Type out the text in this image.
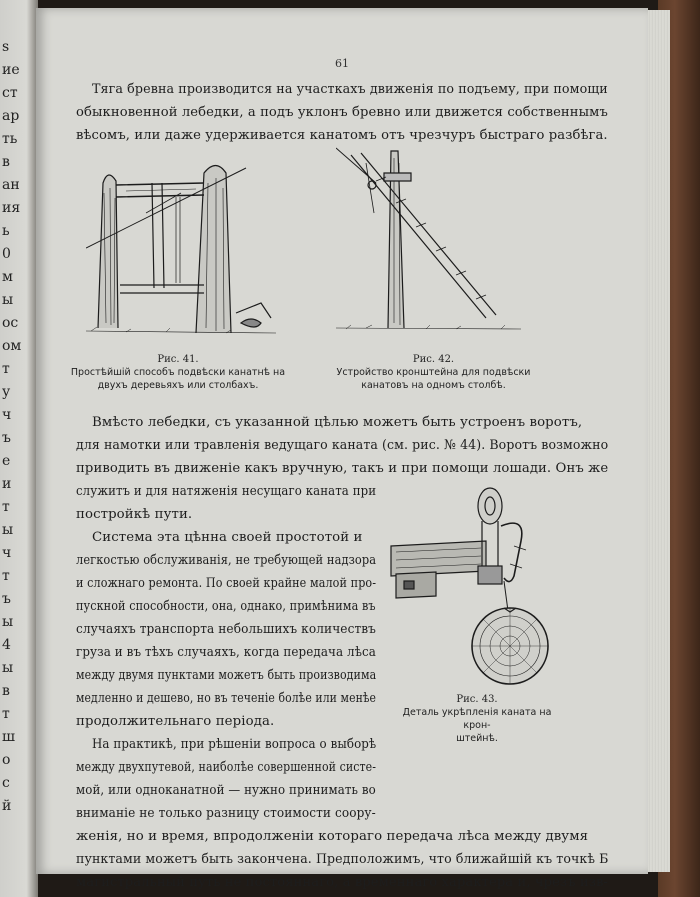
s
ие
ст
ар
ть
в
ан
ия
ь
0
м
ы
ос
ом
т
у
ч
ъ
е
и
т
ы
ч
т
ъ
ы
4
ы
в
т
ш
о
с
й
61
Тяга бревна производится на участкахъ движенія по подъему, при помощи
обыкновенной лебедки, а подъ уклонъ бревно или движется собственнымъ
вѣсомъ, или даже удерживается канатомъ отъ чрезчуръ быстраго разбѣга.
Рис. 41.
Простѣйшій способъ подвѣски канатнѣ на
двухъ деревьяхъ или столбахъ.
Рис. 42.
Устройство кронштейна для подвѣски
канатовъ на одномъ столбѣ.
Вмѣсто лебедки, съ указанной цѣлью можетъ быть устроенъ воротъ,
для намотки или травленія ведущаго каната (см. рис. № 44). Воротъ возможно
приводить въ движеніе какъ вручную, такъ и при помощи лошади. Онъ же
служитъ и для натяженія несущаго каната при
постройкѣ пути.
Система эта цѣнна своей простотой и
легкостью обслуживанія, не требующей надзора
и сложнаго ремонта. По своей крайне малой про-
пускной способности, она, однако, примѣнима въ
случаяхъ транспорта небольшихъ количествъ
груза и въ тѣхъ случаяхъ, когда передача лѣса
между двумя пунктами можетъ быть производима
медленно и дешево, но въ теченіе болѣе или менѣе
продолжительнаго періода.
На практикѣ, при рѣшеніи вопроса о выборѣ
между двухпутевой, наиболѣе совершенной систе-
мой, или одноканатной — нужно принимать во
вниманіе не только разницу стоимости соору-
Рис. 43.
Деталь укрѣпленія каната на крон-
штейнѣ.
женія, но и время, впродолженіи котораго передача лѣса между двумя
пунктами можетъ быть закончена. Предположимъ, что ближайшій къ точкѣ Б
магистральный путь не постояннаго, а временнаго характера и, чрезъ изв-
